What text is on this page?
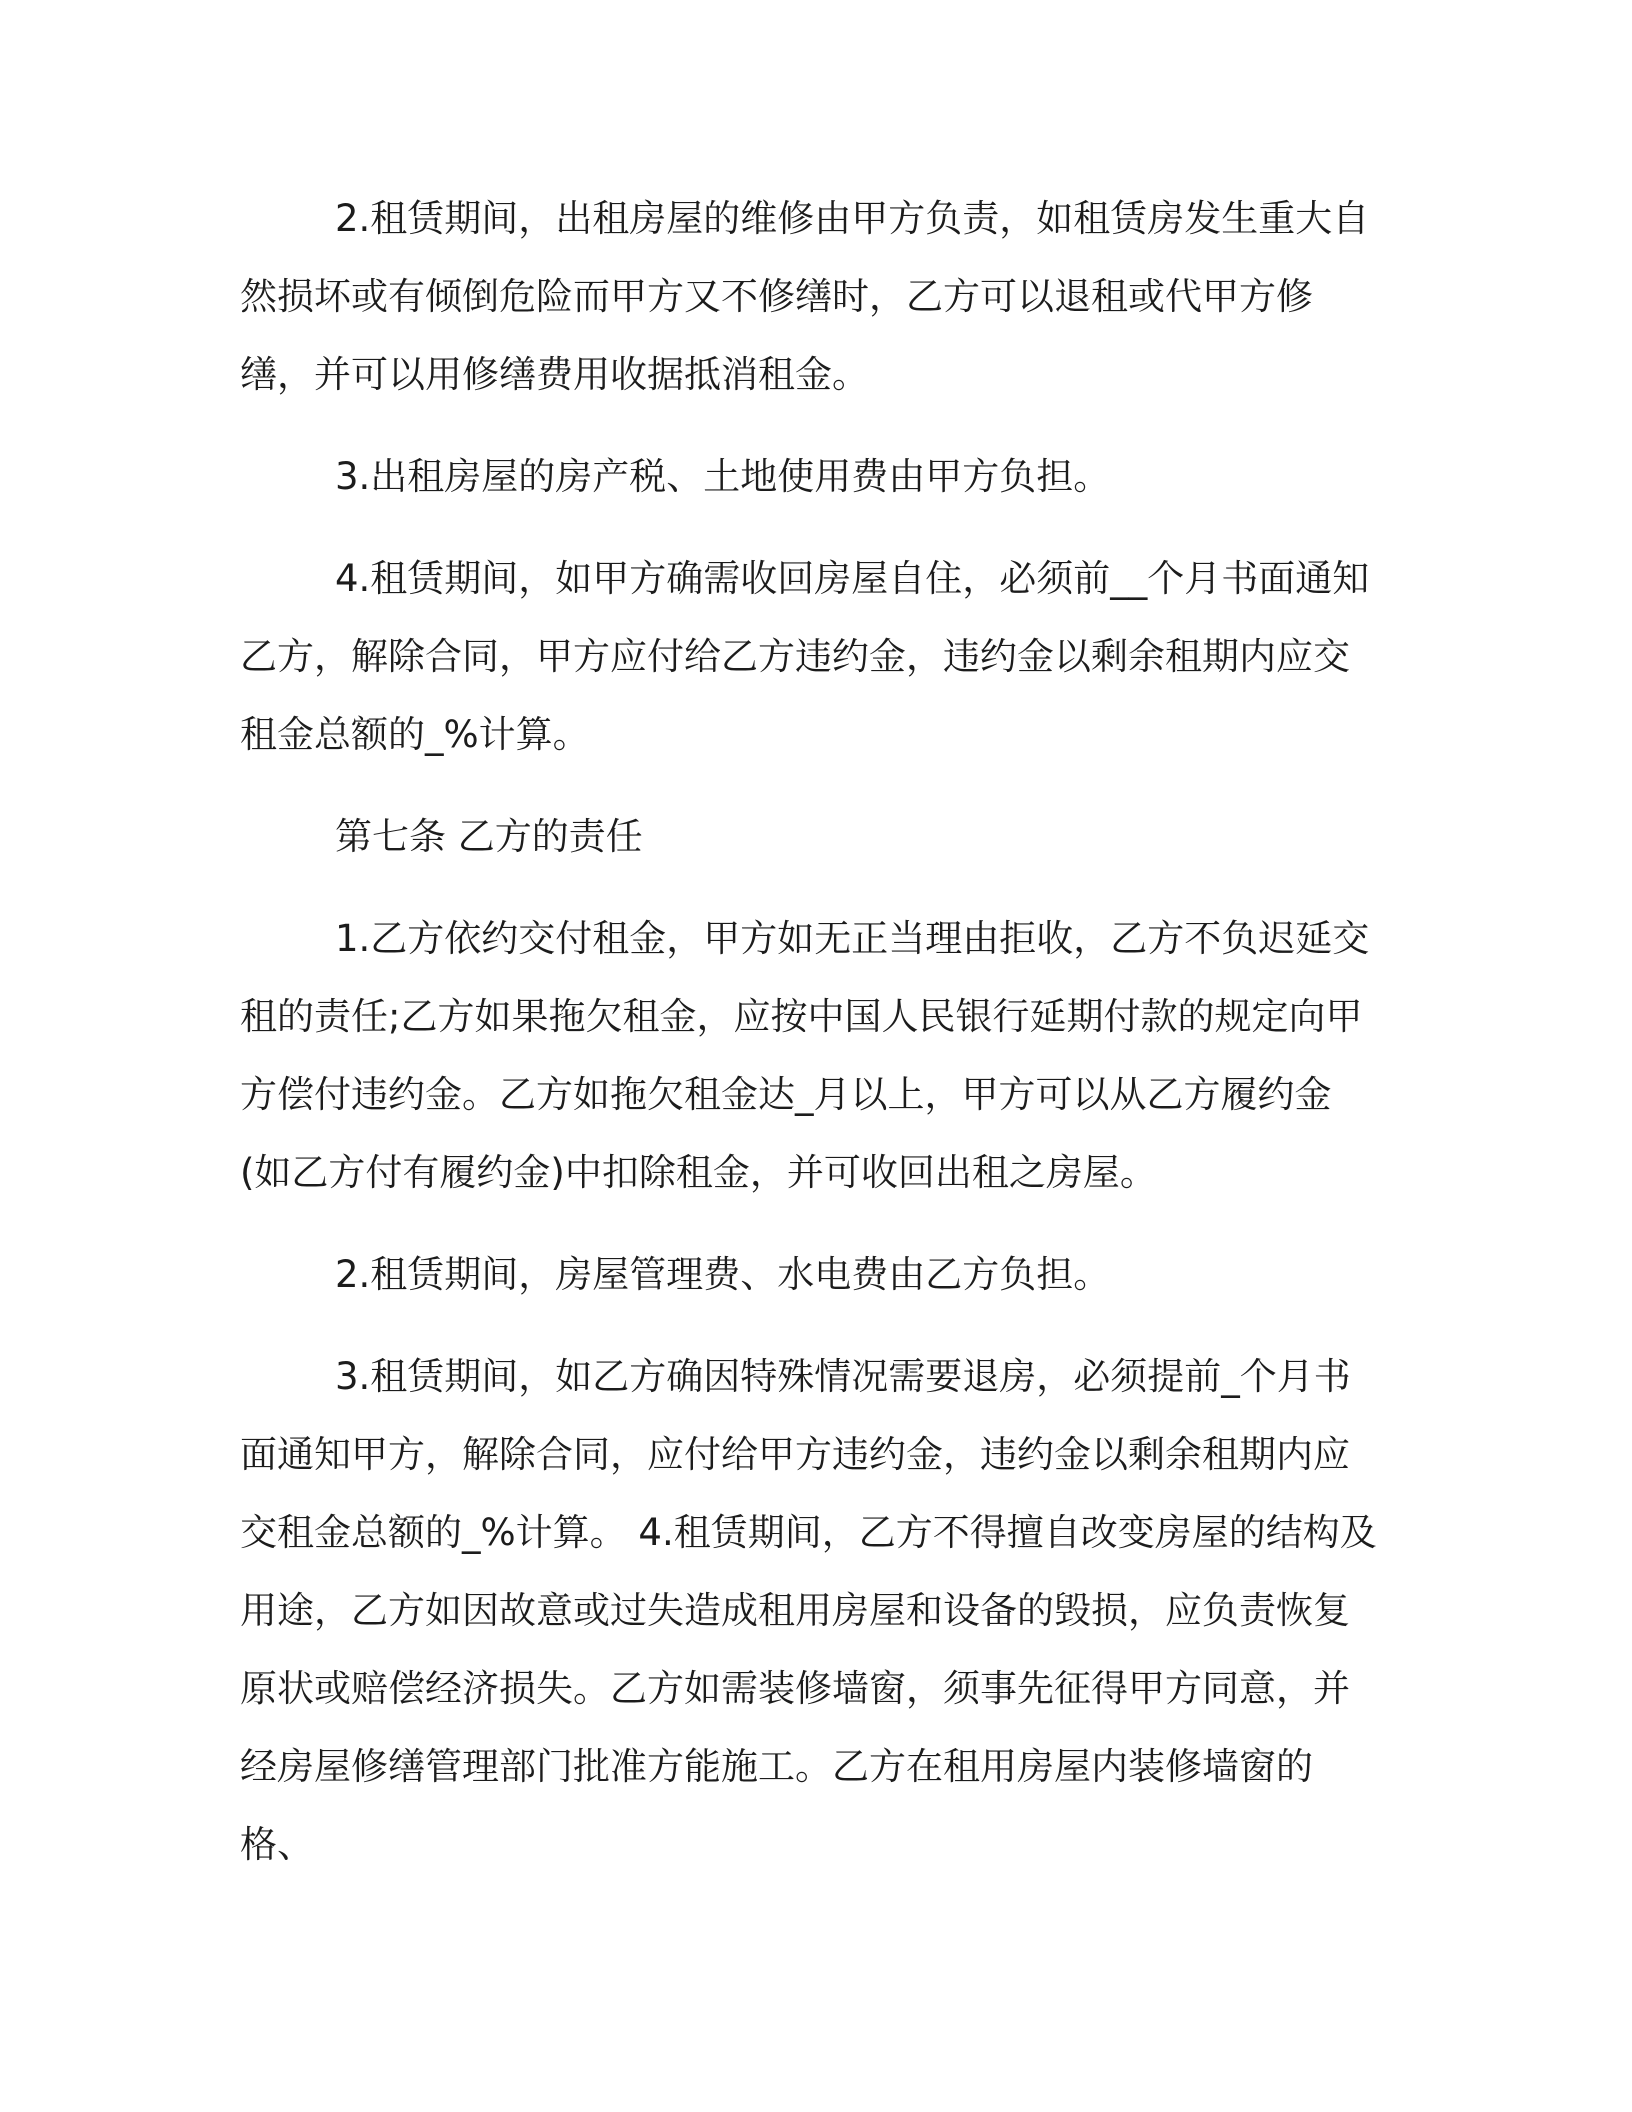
2.租赁期间，出租房屋的维修由甲方负责，如租赁房发生重大自然损坏或有倾倒危险而甲方又不修缮时，乙方可以退租或代甲方修缮，并可以用修缮费用收据抵消租金。

3.出租房屋的房产税、土地使用费由甲方负担。

4.租赁期间，如甲方确需收回房屋自住，必须前__个月书面通知乙方，解除合同，甲方应付给乙方违约金，违约金以剩余租期内应交租金总额的_%计算。

第七条 乙方的责任

1.乙方依约交付租金，甲方如无正当理由拒收，乙方不负迟延交租的责任;乙方如果拖欠租金，应按中国人民银行延期付款的规定向甲方偿付违约金。乙方如拖欠租金达_月以上，甲方可以从乙方履约金(如乙方付有履约金)中扣除租金，并可收回出租之房屋。

2.租赁期间，房屋管理费、水电费由乙方负担。

3.租赁期间，如乙方确因特殊情况需要退房，必须提前_个月书面通知甲方，解除合同，应付给甲方违约金，违约金以剩余租期内应交租金总额的_%计算。 4.租赁期间，乙方不得擅自改变房屋的结构及用途，乙方如因故意或过失造成租用房屋和设备的毁损，应负责恢复原状或赔偿经济损失。乙方如需装修墙窗，须事先征得甲方同意，并经房屋修缮管理部门批准方能施工。乙方在租用房屋内装修墙窗的格、
